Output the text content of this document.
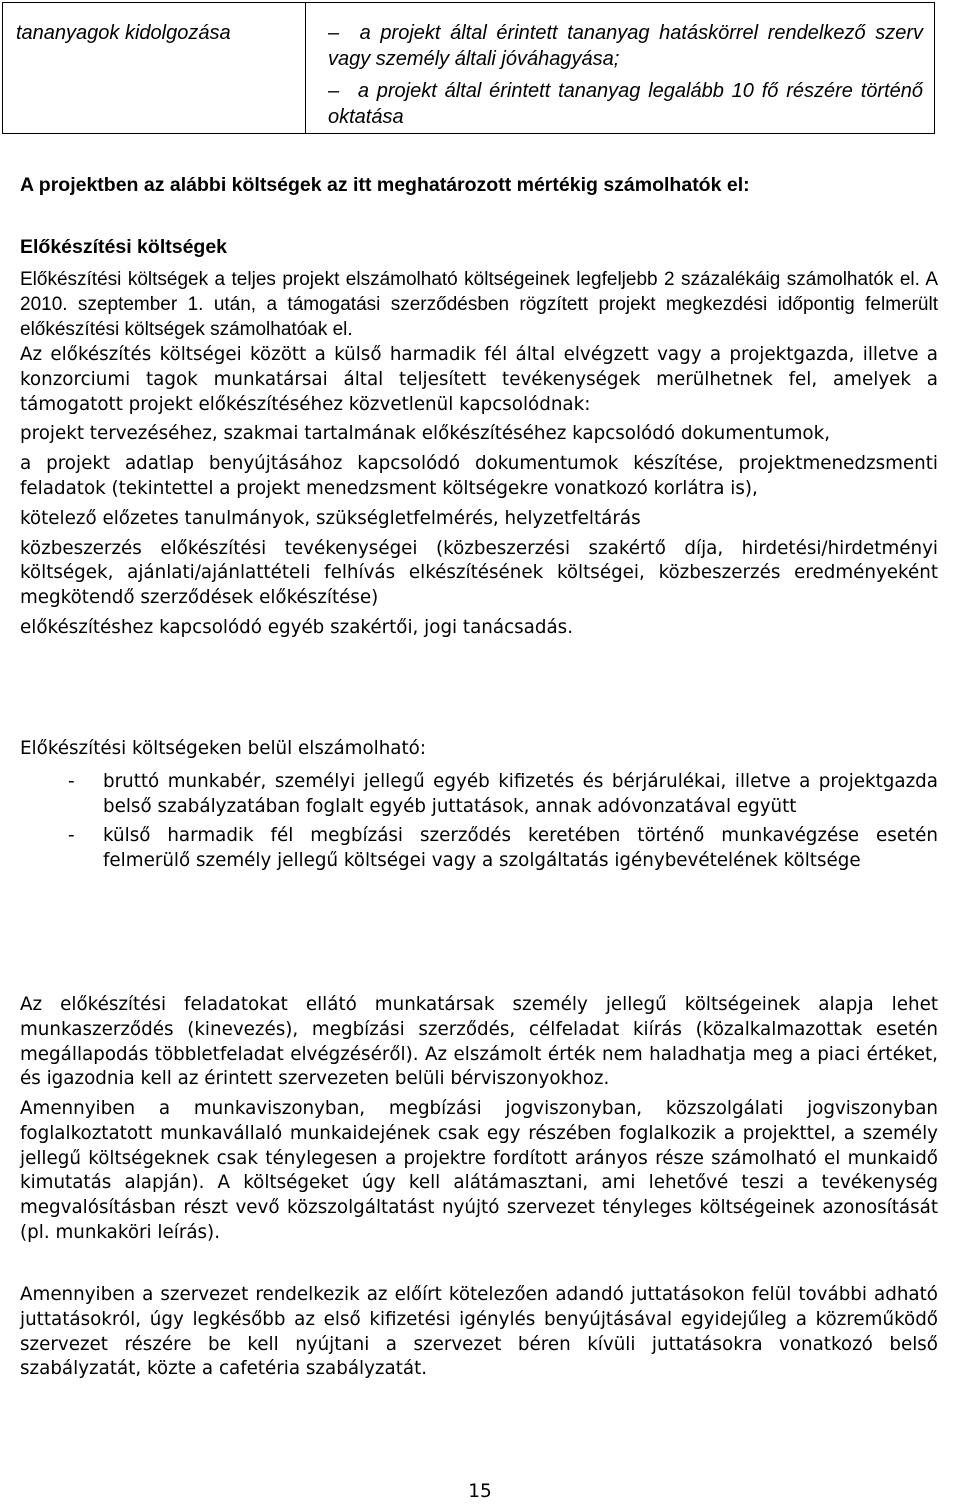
tananyagok kidolgozása	– a projekt által érintett tananyag hatáskörrel rendelkező szerv vagy személy általi jóváhagyása;

– a projekt által érintett tananyag legalább 10 fő részére történő oktatása

A projektben az alábbi költségek az itt meghatározott mértékig számolhatók el:
Előkészítési költségek

Előkészítési költségek a teljes projekt elszámolható költségeinek legfeljebb 2 százalékáig számolhatók el. A 2010. szeptember 1. után, a támogatási szerződésben rögzített projekt megkezdési időpontig felmerült előkészítési költségek számolhatóak el.

Az előkészítés költségei között a külső harmadik fél által elvégzett vagy a projektgazda, illetve a konzorciumi tagok munkatársai által teljesített tevékenységek merülhetnek fel, amelyek a támogatott projekt előkészítéséhez közvetlenül kapcsolódnak:

projekt tervezéséhez, szakmai tartalmának előkészítéséhez kapcsolódó dokumentumok,
a projekt adatlap benyújtásához kapcsolódó dokumentumok készítése, projektmenedzsmenti feladatok (tekintettel a projekt menedzsment költségekre vonatkozó korlátra is),
kötelező előzetes tanulmányok, szükségletfelmérés, helyzetfeltárás
közbeszerzés előkészítési tevékenységei (közbeszerzési szakértő díja, hirdetési/hirdetményi költségek, ajánlati/ajánlattételi felhívás elkészítésének költségei, közbeszerzés eredményeként megkötendő szerződések előkészítése)
előkészítéshez kapcsolódó egyéb szakértői, jogi tanácsadás.

Előkészítési költségeken belül elszámolható:

- bruttó munkabér, személyi jellegű egyéb kifizetés és bérjárulékai, illetve a projektgazda belső szabályzatában foglalt egyéb juttatások, annak adóvonzatával együtt
- külső harmadik fél megbízási szerződés keretében történő munkavégzése esetén felmerülő személy jellegű költségei vagy a szolgáltatás igénybevételének költsége

Az előkészítési feladatokat ellátó munkatársak személy jellegű költségeinek alapja lehet munkaszerződés (kinevezés), megbízási szerződés, célfeladat kiírás (közalkalmazottak esetén megállapodás többletfeladat elvégzéséről). Az elszámolt érték nem haladhatja meg a piaci értéket, és igazodnia kell az érintett szervezeten belüli bérviszonyokhoz.

Amennyiben a munkaviszonyban, megbízási jogviszonyban, közszolgálati jogviszonyban foglalkoztatott munkavállaló munkaidejének csak egy részében foglalkozik a projekttel, a személy jellegű költségeknek csak ténylegesen a projektre fordított arányos része számolható el munkaidő kimutatás alapján). A költségeket úgy kell alátámasztani, ami lehetővé teszi a tevékenység megvalósításban részt vevő közszolgáltatást nyújtó szervezet tényleges költségeinek azonosítását (pl. munkaköri leírás).

Amennyiben a szervezet rendelkezik az előírt kötelezően adandó juttatásokon felül további adható juttatásokról, úgy legkésőbb az első kifizetési igénylés benyújtásával egyidejűleg a közreműködő szervezet részére be kell nyújtani a szervezet béren kívüli juttatásokra vonatkozó belső szabályzatát, közte a cafetéria szabályzatát.

15
